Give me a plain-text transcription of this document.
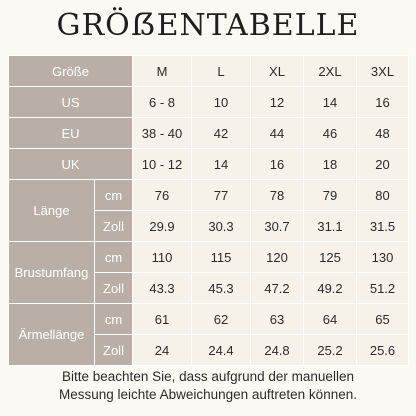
GRÖẞENTABELLE
Größe		M	L	XL	2XL	3XL
US		6 - 8	10	12	14	16
EU		38 - 40	42	44	46	48
UK		10 - 12	14	16	18	20
Länge	cm	76	77	78	79	80
	Zoll	29.9	30.3	30.7	31.1	31.5
Brustumfang	cm	110	115	120	125	130
	Zoll	43.3	45.3	47.2	49.2	51.2
Ärmellänge	cm	61	62	63	64	65
	Zoll	24	24.4	24.8	25.2	25.6
Bitte beachten Sie, dass aufgrund der manuellen
Messung leichte Abweichungen auftreten können.
